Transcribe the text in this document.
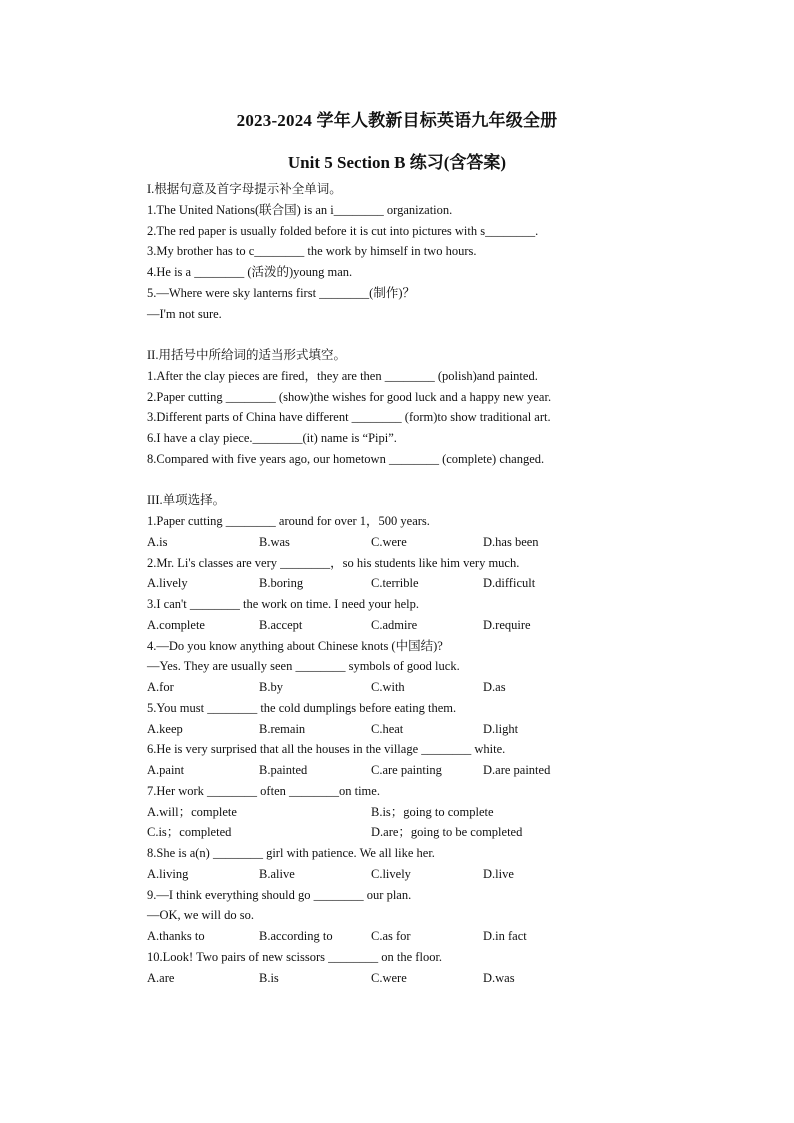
2023-2024 学年人教新目标英语九年级全册
Unit 5 Section B 练习(含答案)
I.根据句意及首字母提示补全单词。
1.The United Nations(联合国) is an i________ organization.
2.The red paper is usually folded before it is cut into pictures with s________.
3.My brother has to c________ the work by himself in two hours.
4.He is a ________ (活泼的)young man.
5.—Where were sky lanterns first ________(制作)？
—I'm not sure.
II.用括号中所给词的适当形式填空。
1.After the clay pieces are fired，they are then ________ (polish)and painted.
2.Paper cutting ________ (show)the wishes for good luck and a happy new year.
3.Different parts of China have different ________ (form)to show traditional art.
6.I have a clay piece.________(it) name is “Pipi”.
8.Compared with five years ago, our hometown ________ (complete) changed.
III.单项选择。
1.Paper cutting ________ around for over 1，500 years.
A.is	B.was	C.were	D.has been
2.Mr. Li's classes are very ________，so his students like him very much.
A.lively	B.boring	C.terrible	D.difficult
3.I can't ________ the work on time. I need your help.
A.complete	B.accept	C.admire	D.require
4.—Do you know anything about Chinese knots (中国结)?
—Yes. They are usually seen ________ symbols of good luck.
A.for	B.by	C.with	D.as
5.You must ________ the cold dumplings before eating them.
A.keep	B.remain	C.heat	D.light
6.He is very surprised that all the houses in the village ________ white.
A.paint	B.painted	C.are painting	D.are painted
7.Her work ________ often ________on time.
A.will；complete	B.is；going to complete
C.is；completed	D.are；going to be completed
8.She is a(n) ________ girl with patience. We all like her.
A.living	B.alive	C.lively	D.live
9.—I think everything should go ________ our plan.
—OK, we will do so.
A.thanks to	B.according to	C.as for	D.in fact
10.Look! Two pairs of new scissors ________ on the floor.
A.are	B.is	C.were	D.was
